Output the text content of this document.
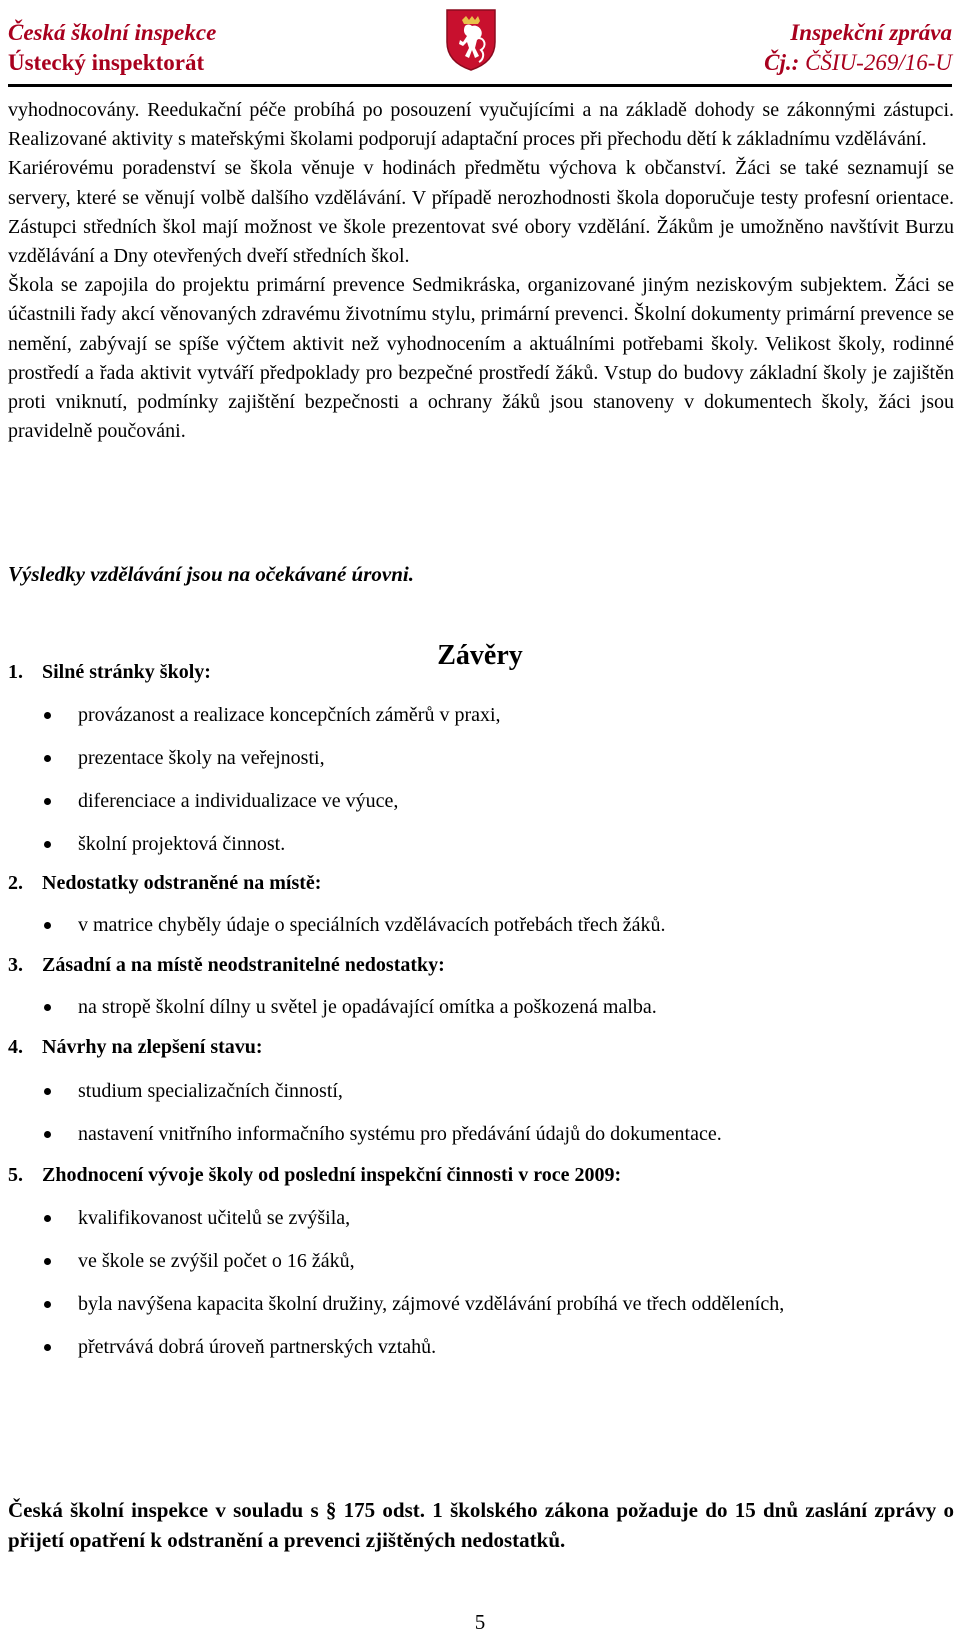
Česká školní inspekce
Ústecký inspektorát
Inspekční zpráva
Čj.: ČŠIU-269/16-U

vyhodnocovány. Reedukační péče probíhá po posouzení vyučujícími a na základě dohody se zákonnými zástupci. Realizované aktivity s mateřskými školami podporují adaptační proces při přechodu dětí k základnímu vzdělávání.

Kariérovému poradenství se škola věnuje v hodinách předmětu výchova k občanství. Žáci se také seznamují se servery, které se věnují volbě dalšího vzdělávání. V případě nerozhodnosti škola doporučuje testy profesní orientace. Zástupci středních škol mají možnost ve škole prezentovat své obory vzdělání. Žákům je umožněno navštívit Burzu vzdělávání a Dny otevřených dveří středních škol.

Škola se zapojila do projektu primární prevence Sedmikráska, organizované jiným neziskovým subjektem. Žáci se účastnili řady akcí věnovaných zdravému životnímu stylu, primární prevenci. Školní dokumenty primární prevence se nemění, zabývají se spíše výčtem aktivit než vyhodnocením a aktuálními potřebami školy. Velikost školy, rodinné prostředí a řada aktivit vytváří předpoklady pro bezpečné prostředí žáků. Vstup do budovy základní školy je zajištěn proti vniknutí, podmínky zajištění bezpečnosti a ochrany žáků jsou stanoveny v dokumentech školy, žáci jsou pravidelně poučováni.

Výsledky vzdělávání jsou na očekávané úrovni.
Závěry
1. Silné stránky školy:
provázanost a realizace koncepčních záměrů v praxi,
prezentace školy na veřejnosti,
diferenciace a individualizace ve výuce,
školní projektová činnost.
2. Nedostatky odstraněné na místě:
v matrice chyběly údaje o speciálních vzdělávacích potřebách třech žáků.
3. Zásadní a na místě neodstranitelné nedostatky:
na stropě školní dílny u světel je opadávající omítka a poškozená malba.
4. Návrhy na zlepšení stavu:
studium specializačních činností,
nastavení vnitřního informačního systému pro předávání údajů do dokumentace.
5. Zhodnocení vývoje školy od poslední inspekční činnosti v roce 2009:
kvalifikovanost učitelů se zvýšila,
ve škole se zvýšil počet o 16 žáků,
byla navýšena kapacita školní družiny, zájmové vzdělávání probíhá ve třech odděleních,
přetrvává dobrá úroveň partnerských vztahů.
Česká školní inspekce v souladu s § 175 odst. 1 školského zákona požaduje do 15 dnů zaslání zprávy o přijetí opatření k odstranění a prevenci zjištěných nedostatků.
5
